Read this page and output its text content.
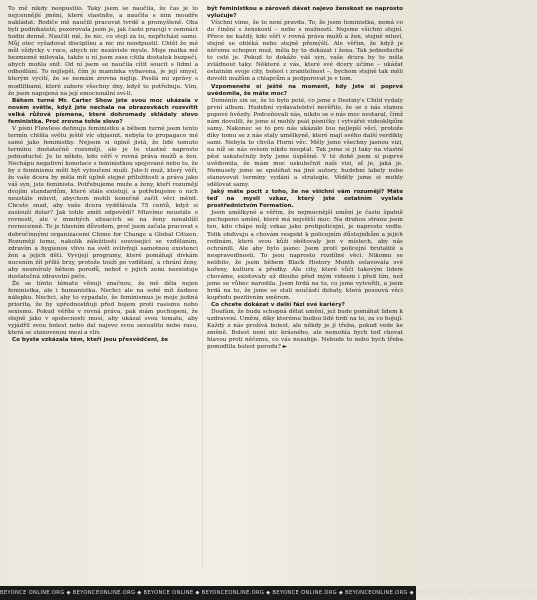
To mě nikdy neopustilo. Taky jsem se naučila, že čas je to nejcennější jmění, které vlastníte, a naučila s ním moudře nakládat. Rodiče mě naučili pracovat tvrdě a promyšleně. Oba byli podnikatelé; pozorovala jsem je, jak často pracují v osmnáct hodin denně. Naučili mě, že nic, co stojí za to, nepřichází samo. Můj otec vyžadoval disciplínu a nic mi neodpustil. Chtěl že mě měl vždycky v ruce, abych nic nezávisle mysle. Moje matka mě bezmezně milovala, takže u ní jsem zase cítila dostatek bezpečí, abych mohla snít. Od ní jsem se naučila cítit soucit s lidmi a odhodlání. To nejlepší, čím je maminka vybavena, je její smysl, kterým vycítí, že se nemám zrovna nejlíp. Posílá mi zprávy s modlitbami, které zabere všechny dny, když to potřebuju. Vím, že jsem napojená na její emocionální sví-li.

Během turné Mr. Carter Show jste svou moc ukázala v novém světle, když jste nechala na obrazovkách rozsvítit velká růžová písmena, které dohromady skládaly slovo feministka. Proč zrovna tohle slovo?

V písni Flawless definuju feministku a během turné jsem tento termín chtěla světu ještě víc objasnit, nebyla to propagace mé samé jako feministky. Nejsem si úplně jistá, že lidé tomuto termínu dostatečně rozumějí, ale je to vlastně naprosto jednoduché. Je to někdo, kdo věří v rovná práva mužů a žen. Nechápu negativní konotace s feministkou spojované nebo to, že by z feminismu měli být vyloučeni muži. Jste-li muž, který věří, že vaše dcera by měla mít úplně stejné příležitosti a práva jako váš syn, jste feminista. Potřebujeme muže a ženy, kteří rozumějí dvojím standardům, které stále existují, a potřebujeme o nich neustále mluvit, abychom mohli konečně začít věci měnit. Chcete snad, aby vaše dcera vydělávala 75 centů, když si zaslouží dolar? Jak tohle změt odpovědí? Mluvíme neustále o rovnosti, ale v mnohých situacích se na ženy nenahlíží rovnocenně. To je hlavním důvodem, proč jsem začala pracovat s dobročinnými organizacemi Chime for Change a Global Citizen. Rozumějí tomu, nakolik záležitosti související se vzděláním, zdravím a hygienou vlivu na svět ovlivňují samotnou existenci žen a jejich dětí. Vyvíjejí programy, které pomáhají dívkám nucením žít příliš brzy, protože touží po vzdělání, a chrání ženy, aby neumíraly během porodů, neboť v jejich zemi neexistuje dostatečná zdravotní péče.

Že se tímto tématu věnuji značnou, že mě děla nejen feministka, ale i humanistka. Nechci ale na sobě mít žádnou nálepku. Nechci, aby to vypadalo, že feminismus je moje jediná priorita, že by upřednostňuji před bojem proti rasismu nebo sexismu. Pokud věříte v rovná práva, pak mám pochopení, že stejně jako v spolecnosti musí, aby ukázal svou tematu, aby vyjádřil svou bolest nebo dal najevo svou sexualitu nebo rasu, která se stanovenou mezi a vliv.

Co byste vzkázala těm, kteří jsou přesvědčeni, že

být feministkou a zároveň dávat najevo ženskost se naprosto vylučuje?

Všichni víme, že to není pravda. To, že jsem feministka, nemá co do činění s ženskostí – nebo s mužností. Nejsme všichni stejní. Přece ne každý, kdo věří v rovná práva mužů a žen, stejně mluví, stejně se obléká nebo stejně přemýšlí. Ale věřím, že když je něčemu schopen muž, měla by to dokázat i žena. Tak jednoduché to celé je. Pokud to dokáže váš syn, vaše dcera by to měla zvládnout taky. Některé z vás, které své dcery učíme – ukážat ostatním svoje city, bolest i zranitelnost –, bychom stejně tak měli dovolit mužům a chlapcům a podporovat je v tom.

Vzpomenete si ještě na moment, kdy jste si poprvé uvědomila, že máte moc?

Doménín sin se, že to bylo poté, co jsme s Destiny's Child vydaly první album. Hudební vydavatelství nevěřilo, že se z nás stanou popové hvězdy. Podceňovali nás, nikdo se o nás moc nestaral, čímž nám dovolili, že jsme si mohly psát písničky i vytvářet videoklipům samy. Nakonec se to pro nás ukázalo tou nejlepší věcí, protože díky tomu se z nás staly umělkyně, které mají svého další verdikty sami. Nebyla to chvíla Horní věc. Měly jsme všechny jasnou vizi, na níž se nás ovšem nikdo neoptal. Tak jsme si ji taky na vlastní pěst uskutečnily byly jsme úspěšné. V té době jsem si poprvé uvědomila, že mám moc uskutečnit naši vizi, ať je, jaká je. Nemusely jsme se spoléhat na jiné autory, hudební labely nebo stanovovat termíny vydání a strategie. Věděly jsme si mohly sdělovat samy.

Jaký máte pocit z toho, že ne všichni vám rozumějí? Máte teď na mysli vzkaz, který jste ostatním vyslala prostřednictvím Formation.

Jsem umělkyně a věřím, že nejmocnější umění je často špatně pochopeno umění, které má největší moc. Na druhou stranu jsem ten, kdo chápe můj vzkaz jako protipolicejní, je naprosto vedle. Tolik obdivuju a chovám respekt k policejním důstojníkům a jejich rodinám, které svou kůži obětovaly jen v místech, aby nás ochránili. Ale aby bylo jasno: Jsem proti policejní brutalitě a nespravedlnosti. To jsou naprosto rozdílné věci. Nikomu se nelíbilo, že jsem během Black History Month oslavovala své kořeny, kulturu a předky. Ale city, které vůči takovým lidem chováme, existovaly už dlouho před mým videem i před tím, než jsme se vůbec narodila. Jsem hrdá na to, co jsme vytvořili, a jsem hrdá na to, že jsme se stali součástí debaty, která posouvá věci kupředu pozitivním směrem.

Co chcete dokázat v další fázi své kariéry?

Doufám, že budu schopná dělat umění, jež bude pomáhat lidem k uzdravení. Umění, díky kterému budou lidé hrdí na to, za co bojují. Každý z nás prožívá bolest, ale někdy je jí třeba, pokud vede ke změně. Bolest není nic krásného, ale nemohla bych teď chovat hlavou proti něčemu, co vás nezabije. Nebude to nebo bych třeba pomodlila bolest porodu? ►

BEYONCE ONLINE.ORG ◆ BEYONCEONLINE.ORG ◆ BEYONCE ONLINE ◆ BEYONCEONLINE.ORG ◆ BEYONCE ONLINE.ORG ◆ BEYONCEONLINE.ORG ◆ BEYONCE ONLINE ◆ BEYONCEONLINE.ORG
